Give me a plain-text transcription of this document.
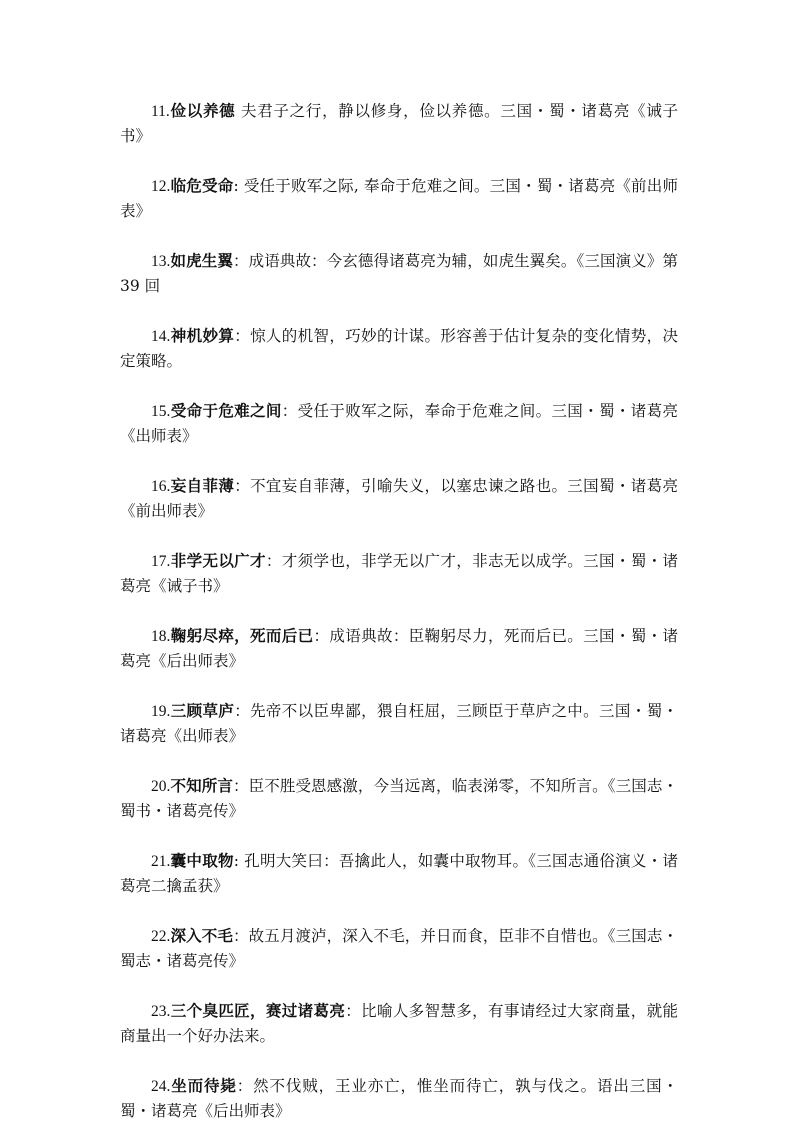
11.俭以养德 夫君子之行，静以修身，俭以养德。三国・蜀・诸葛亮《诫子书》

12.临危受命: 受任于败军之际, 奉命于危难之间。三国・蜀・诸葛亮《前出师表》

13.如虎生翼：成语典故：今玄德得诸葛亮为辅，如虎生翼矣。《三国演义》第 39 回

14.神机妙算：惊人的机智，巧妙的计谋。形容善于估计复杂的变化情势，决定策略。

15.受命于危难之间：受任于败军之际，奉命于危难之间。三国・蜀・诸葛亮《出师表》

16.妄自菲薄：不宜妄自菲薄，引喻失义，以塞忠谏之路也。三国蜀・诸葛亮《前出师表》

17.非学无以广才：才须学也，非学无以广才，非志无以成学。三国・蜀・诸葛亮《诫子书》

18.鞠躬尽瘁，死而后已：成语典故：臣鞠躬尽力，死而后已。三国・蜀・诸葛亮《后出师表》

19.三顾草庐：先帝不以臣卑鄙，猥自枉屈，三顾臣于草庐之中。三国・蜀・诸葛亮《出师表》

20.不知所言：臣不胜受恩感激，今当远离，临表涕零，不知所言。《三国志・蜀书・诸葛亮传》

21.囊中取物: 孔明大笑曰：吾擒此人，如囊中取物耳。《三国志通俗演义・诸葛亮二擒孟获》

22.深入不毛：故五月渡泸，深入不毛，并日而食，臣非不自惜也。《三国志・蜀志・诸葛亮传》

23.三个臭匹匠，赛过诸葛亮：比喻人多智慧多，有事请经过大家商量，就能商量出一个好办法来。

24.坐而待毙：然不伐贼，王业亦亡，惟坐而待亡，孰与伐之。语出三国・蜀・诸葛亮《后出师表》
